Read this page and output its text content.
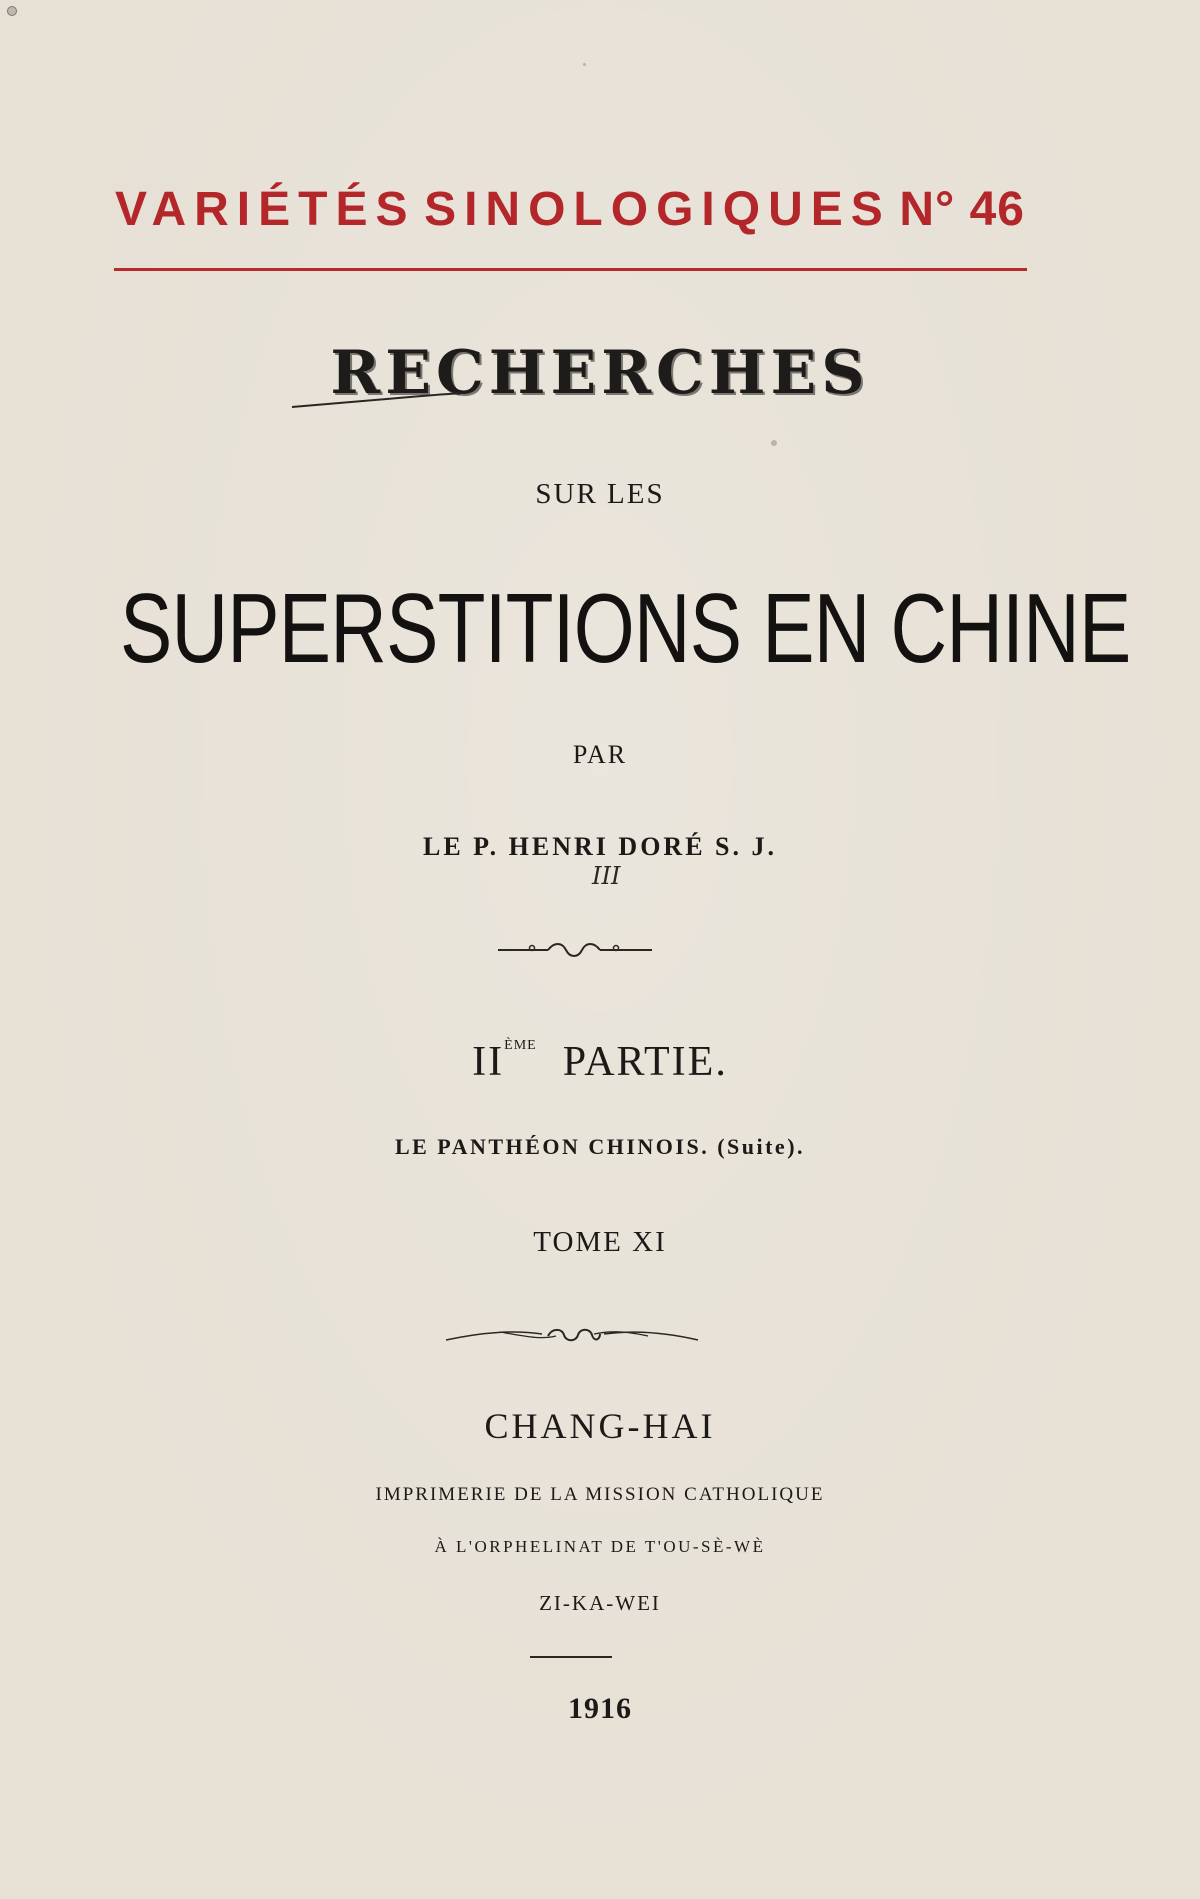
VARIÉTÉS SINOLOGIQUES N° 46
RECHERCHES
SUR LES
SUPERSTITIONS EN CHINE
PAR
LE P. HENRI DORÉ S. J.
III
IIÈME PARTIE.
LE PANTHÉON CHINOIS. (Suite).
TOME XI
CHANG-HAI
IMPRIMERIE DE LA MISSION CATHOLIQUE
À L'ORPHELINAT DE T'OU-SÈ-WÈ
ZI-KA-WEI
1916
